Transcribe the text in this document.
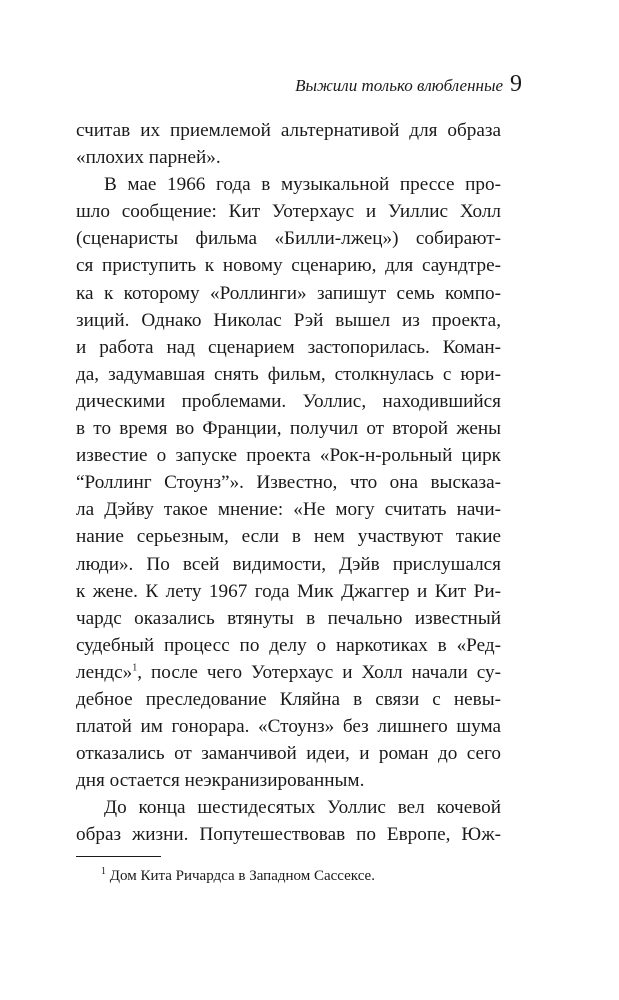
Выжили только влюбленные 9
считав их приемлемой альтернативой для образа
«плохих парней».
В мае 1966 года в музыкальной прессе про-
шло сообщение: Кит Уотерхаус и Уиллис Холл
(сценаристы фильма «Билли-лжец») собирают-
ся приступить к новому сценарию, для саундтре-
ка к которому «Роллинги» запишут семь компо-
зиций. Однако Николас Рэй вышел из проекта,
и работа над сценарием застопорилась. Коман-
да, задумавшая снять фильм, столкнулась с юри-
дическими проблемами. Уоллис, находившийся
в то время во Франции, получил от второй жены
известие о запуске проекта «Рок-н-рольный цирк
“Роллинг Стоунз”». Известно, что она высказа-
ла Дэйву такое мнение: «Не могу считать начи-
нание серьезным, если в нем участвуют такие
люди». По всей видимости, Дэйв прислушался
к жене. К лету 1967 года Мик Джаггер и Кит Ри-
чардс оказались втянуты в печально известный
судебный процесс по делу о наркотиках в «Ред-
лендс»$^1$, после чего Уотерхаус и Холл начали су-
дебное преследование Кляйна в связи с невы-
платой им гонорара. «Стоунз» без лишнего шума
отказались от заманчивой идеи, и роман до сего
дня остается неэкранизированным.
До конца шестидесятых Уоллис вел кочевой
образ жизни. Попутешествовав по Европе, Юж-
$^1$ Дом Кита Ричардса в Западном Сассексе.
